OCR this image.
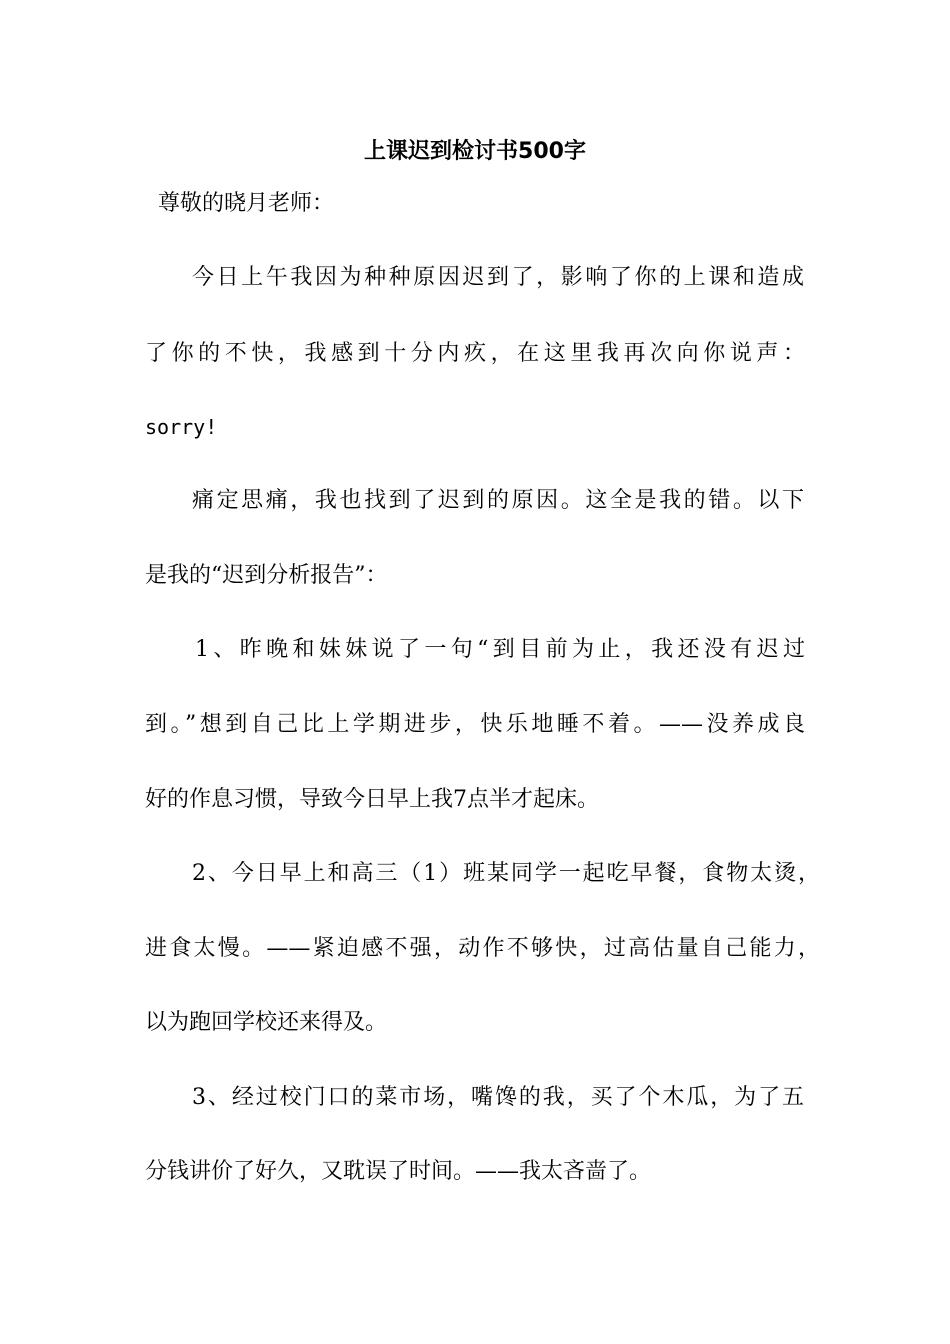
上课迟到检讨书500字
尊敬的晓月老师：
今日上午我因为种种原因迟到了，影响了你的上课和造成
了你的不快，我感到十分内疚，在这里我再次向你说声：
sorry!
痛定思痛，我也找到了迟到的原因。这全是我的错。以下
是我的“迟到分析报告”：
1、昨晚和妹妹说了一句“到目前为止，我还没有迟过
到。”想到自己比上学期进步，快乐地睡不着。——没养成良
好的作息习惯，导致今日早上我7点半才起床。
2、今日早上和高三（1）班某同学一起吃早餐，食物太烫，
进食太慢。——紧迫感不强，动作不够快，过高估量自己能力，
以为跑回学校还来得及。
3、经过校门口的菜市场，嘴馋的我，买了个木瓜，为了五
分钱讲价了好久，又耽误了时间。——我太吝啬了。
